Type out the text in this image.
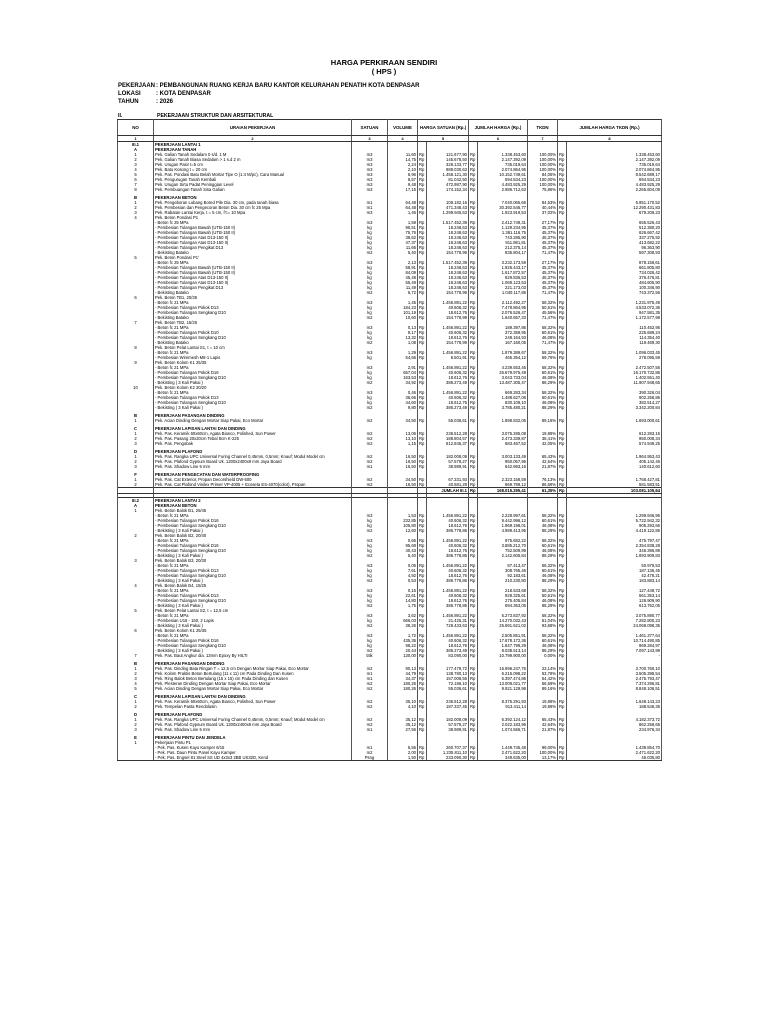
HARGA PERKIRAAN SENDIRI
( HPS )
PEKERJAAN: PEMBANGUNAN RUANG KERJA BARU KANTOR KELURAHAN PENATIH KOTA DENPASAR
LOKASI	: KOTA DENPASAR
TAHUN	: 2026
II.	PEKERJAAN STRUKTUR DAN ARSITEKTURAL
NO	URAIAN PEKERJAAN	SATUAN	VOLUME	HARGA SATUAN (Rp.)		JUMLAH HARGA (Rp.)		TKDN	JUMLAH HARGA TKDN (Rp.)	
1	2	3	4	5		6		7	8	
III.1	PEKERJAAN LANTAI 1									
A	PEKERJAAN TANAH									
1	Pek. Galian Tanah Sedalam 0 s/d. 1 M	m3	11,60	Rp	121.677,90	Rp	1.338.453,60	100,00%	Rp	1.338.453,60
2	Pek. Galian Tanah Biasa Sedalam > 1 s.d 2 m	m3	14,75	Rp	145.678,50	Rp	2.147.392,09	100,00%	Rp	2.147.392,09
3	Pek. Urugan Pasir t=5 cm	m3	2,24	Rp	328.133,77	Rp	735.019,64	100,00%	Rp	735.019,64
4	Pek. Batu Kosong t = 20 cm	m3	2,10	Rp	988.030,63	Rp	2.074.864,95	100,00%	Rp	2.074.864,95
5	Pek. Pas. Pondasi Batu Belah Mortar Tipe O (1:4 M/pc), Cara Manual	m3	6,96	Rp	1.458.121,30	Rp	10.152.749,61	84,05%	Rp	8.542.689,17
6	Pek. Pengurugan Tanah Kembali	m3	8,57	Rp	81.042,50	Rp	694.534,23	100,00%	Rp	694.534,23
7	Pek. Urugan Sirtu Padat Peninggian Level	m3	9,48	Rp	472.987,90	Rp	4.483.925,29	100,00%	Rp	4.483.925,29
8	Pek. Pembuangan Tanah Sisa Galian	m3	17,15	Rp	174.152,34	Rp	2.986.712,63	75,86%	Rp	2.265.604,09

B	PEKERJAAN BETON									
1	Pek. Pengeboran Lubang Bored Pile Dia. 30 cm, pada tanah biasa	m1	64,48	Rp	109.182,16	Rp	7.040.065,66	84,53%	Rp	5.951.170,52
2	Pek. Pembesian dan Pengecoran Beton Dia. 30 cm fc 25 Mpa	m1	64,48	Rp	471.348,43	Rp	30.392.546,77	40,44%	Rp	12.290.431,83
3	Pek. Rabatan Lantai Kerja, t = 5 cm, f'c= 10 Mpa	m3	1,46	Rp	1.299.945,63	Rp	1.923.919,53	37,02%	Rp	679.209,23
4	Pek. Beton Pondasi P1									
	- Beton fc 25 MPa	m3	1,59	Rp	1.517.452,39	Rp	2.412.749,31	27,17%	Rp	655.526,43
	- Pembesian Tulangan Bawah (UTB-150 II)	kg	95,51	Rp	18.248,63	Rp	1.129.234,95	45,37%	Rp	512.380,20
	- Pembesian Tulangan Bawah (UTB-150 II)	kg	75,76	Rp	18.248,63	Rp	1.381.116,75	45,37%	Rp	626.667,42
	- Pembesian Tulangan Atas D13-150 II)	kg	38,62	Rp	18.248,63	Rp	743.285,90	45,37%	Rp	337.275,92
	- Pembesian Tulangan Atas D13-150 II)	kg	47,37	Rp	18.248,63	Rp	911.861,81	45,37%	Rp	413.682,22
	- Pembesian Tulangan Pengikat D13	kg	11,66	Rp	18.248,63	Rp	212.375,14	45,37%	Rp	96.363,90
	- Bekisting Batako	m2	5,40	Rp	154.778,99	Rp	835.804,17	71,47%	Rp	597.308,93
5	Pek. Beton Pondasi P1'									
	- Beton fc 25 MPa	m3	2,13	Rp	1.517.452,39	Rp	3.232.173,59	27,17%	Rp	878.156,61
	- Pembesian Tulangan Bawah (UTB-150 II)	kg	58,91	Rp	18.248,63	Rp	1.926.443,17	45,37%	Rp	661.805,80
	- Pembesian Tulangan Bawah (UTB-150 II)	kg	84,09	Rp	18.248,63	Rp	1.617.872,57	45,37%	Rp	734.026,42
	- Pembesian Tulangan Atas D13-150 II)	kg	45,48	Rp	18.248,63	Rp	829.836,53	45,37%	Rp	376.476,81
	- Pembesian Tulangan Atas D13-150 II)	kg	55,49	Rp	18.248,63	Rp	1.068.123,53	45,37%	Rp	484.605,90
	- Pembesian Tulangan Pengikat D13	kg	11,49	Rp	18.248,63	Rp	221.173,03	45,37%	Rp	100.346,90
	- Bekisting Batako	m2	6,72	Rp	154.778,99	Rp	1.040.117,86	71,47%	Rp	743.372,56
6	Pek. Beton TB1, 20/35									
	- Beton fc 21 MPa	m3	1,45	Rp	1.456.891,22	Rp	2.112.492,27	58,32%	Rp	1.231.975,49
	- Pembesian Tulangan Pokok D13	kg	184,23	Rp	40.606,32	Rp	7.478.864,95	60,61%	Rp	4.533.072,36
	- Pembesian Tulangan Sengkang D10	kg	101,19	Rp	18.612,76	Rp	2.076.526,47	45,56%	Rp	947.581,35
	- Bekisting Batako	m2	10,60	Rp	154.778,99	Rp	1.640.657,33	71,47%	Rp	1.172.577,98
7	Pek. Beton TB2, 15/25									
	- Beton fc 21 MPa	m3	0,13	Rp	1.456.891,22	Rp	189.397,86	58,32%	Rp	110.452,95
	- Pembesian Tulangan Pokok D10	kg	9,17	Rp	40.606,32	Rp	372.359,95	60,61%	Rp	225.689,24
	- Pembesian Tulangan Sengkang D10	kg	13,32	Rp	18.612,76	Rp	248.164,93	46,08%	Rp	114.354,40
	- Bekisting Batako	m2	1,08	Rp	154.778,99	Rp	167.160,05	71,47%	Rp	119.469,30
8	Pek. Beton Pelat Lantai S1, t = 10 cm									
	- Beton fc 21 MPa	m3	1,29	Rp	1.456.891,22	Rp	1.879.389,67	58,32%	Rp	1.096.033,45
	- Pembesian Wiremesh M8-1 Lapis	kg	54,66	Rp	8.501,91	Rp	465.354,12	59,76%	Rp	278.095,59
9	Pek. Beton Kolom K1 25/35									
	- Beton fc 21 MPa	m3	2,91	Rp	1.456.891,22	Rp	4.239.553,45	58,32%	Rp	2.472.507,56
	- Pembesian Tulangan Pokok D16	kg	657,04	Rp	40.606,32	Rp	26.679.975,49	60,61%	Rp	16.170.732,86
	- Pembesian Tulangan Sengkang D10	kg	163,53	Rp	18.612,76	Rp	3.043.733,04	46,08%	Rp	1.402.551,40
	- Bekisting ( 3 Kali Pakai )	m2	34,92	Rp	386.273,49	Rp	13.487.305,47	88,29%	Rp	11.907.948,65
10	Pek. Beton Kolom K2 20/20									
	- Beton fc 21 MPa	m3	0,46	Rp	1.456.891,22	Rp	669.283,34	58,32%	Rp	390.326,04
	- Pembesian Tulangan Pokok D13	kg	36,66	Rp	40.606,32	Rp	1.488.627,06	60,61%	Rp	902.258,86
	- Pembesian Tulangan Sengkang D10	kg	44,60	Rp	18.612,76	Rp	830.109,10	46,08%	Rp	382.514,27
	- Bekisting ( 3 Kali Pakai )	m2	9,80	Rp	386.273,49	Rp	3.785.480,21	88,29%	Rp	3.342.200,84

B	PEKERJAAN PASANGAN DINDING									
1	Pek. Acian Dinding Dengan Mortar Siap Pakai, Eco Mortar	m2	34,50	Rp	55.036,61	Rp	1.898.832,05	89,16%	Rp	1.693.000,61

C	PEKERJAAN LAPISAN LANTAI DAN DINDING									
1	Pek. Pas. Keramik 60x60cm, Agata Bianco, Polished, Sun Power	m2	13,06	Rp	236.512,28	Rp	3.075.285,08	19,88%	Rp	612.283,15
2	Pek. Pas. Pasang 20x20cm Tebal 8cm K-225	m2	13,10	Rp	188.804,57	Rp	2.473.339,87	38,41%	Rp	950.008,34
3	Pek. Pas. Pengobak	m2	1,15	Rp	612.845,37	Rp	683.467,52	42,05%	Rp	574.949,25

D	PEKERJAAN PLAFOND									
1	Pek. Pas. Rangka UPC Universal Furing Channel 0,45mm, 0,5mm; Knauf; Modul Model cm	m2	16,50	Rp	182.008,09	Rp	3.003.133,49	65,43%	Rp	1.964.953,43
2	Pek. Pas. Plafond Gypsum Board Uk. 1200x2400x9 mm Jaya Board	m2	16,50	Rp	57.579,27	Rp	950.057,96	42,64%	Rp	405.142,46
3	Pek. Pas. Shadow Line 5 mm	m1	16,50	Rp	38.989,91	Rp	642.993,16	21,87%	Rp	140.612,60

F	PEKERJAAN PENGECATAN DAN WATERPROOFING									
1	Pek. Pas. Cat Exterior, Propan Decorshield DW-500	m2	34,50	Rp	67.331,93	Rp	2.323.158,59	76,13%	Rp	1.768.427,81
2	Pek. Pas. Cat Plafond Vinilex Primer VP-4005 + Ecoseta ES-4070(color), Propan	m2	16,50	Rp	40.581,28	Rp	669.789,12	86,68%	Rp	581.583,51
					JUMLAH III.1	Rp	168.015.295,41	61,35%	Rp	103.081.105,64

III.2	PEKERJAAN LANTAI 2									
A	PEKERJAAN BETON									
1	Pek. Beton Balok B1, 25/45									
	- Beton fc 21 MPa	m3	1,53	Rp	1.456.891,22	Rp	2.228.997,61	58,32%	Rp	1.299.946,95
	- Pembesian Tulangan Pokok D16	kg	232,85	Rp	40.606,32	Rp	9.442.996,12	60,61%	Rp	5.722.942,32
	- Pembesian Tulangan Sengkang D10	kg	105,80	Rp	18.612,76	Rp	1.969.198,01	46,08%	Rp	905.293,66
	- Bekisting ( 3 Kali Pakai )	m2	12,60	Rp	386.778,86	Rp	4.989.413,95	88,29%	Rp	4.419.122,86
2	Pek. Beton Balok B2, 20/40									
	- Beton fc 21 MPa	m3	0,66	Rp	1.456.891,22	Rp	975.682,22	58,32%	Rp	475.797,47
	- Pembesian Tulangan Pokok D16	kg	95,68	Rp	40.606,32	Rp	3.885.212,70	60,61%	Rp	2.354.838,28
	- Pembesian Tulangan Sengkang D10	kg	40,43	Rp	18.612,76	Rp	752.509,99	46,08%	Rp	346.396,89
	- Bekisting ( 3 Kali Pakai )	m2	5,40	Rp	386.778,86	Rp	2.142.605,84	88,29%	Rp	1.893.909,83
3	Pek. Beton Balok B3, 20/30									
	- Beton fc 21 MPa	m3	0,06	Rp	1.456.891,22	Rp	87.413,47	58,32%	Rp	50.979,53
	- Pembesian Tulangan Pokok D13	kg	7,61	Rp	40.606,32	Rp	308.765,46	60,61%	Rp	187.136,45
	- Pembesian Tulangan Sengkang D10	kg	4,92	Rp	18.612,76	Rp	92.183,61	46,08%	Rp	42.478,21
	- Bekisting ( 3 Kali Pakai )	m2	0,53	Rp	386.778,86	Rp	210.230,80	88,29%	Rp	183.883,14
4	Pek. Beton Balok B4, 15/25									
	- Beton fc 21 MPa	m3	0,15	Rp	1.456.891,22	Rp	218.533,68	58,32%	Rp	127.449,72
	- Pembesian Tulangan Pokok D13	kg	22,61	Rp	40.606,32	Rp	928.325,61	60,61%	Rp	561.353,14
	- Pembesian Tulangan Sengkang D10	kg	14,80	Rp	18.612,76	Rp	275.405,84	46,08%	Rp	126.909,90
	- Bekisting ( 3 Kali Pakai )	m2	1,75	Rp	386.778,86	Rp	694.363,05	88,29%	Rp	613.762,05
5	Pek. Beton Pelat Lantai S2, t = 12,5 cm									
	- Beton fc 21 MPa	m3	3,62	Rp	1.456.891,22	Rp	5.273.837,92	58,32%	Rp	3.075.890,77
	- Pembesian U16 - 150, 2 Lapis	kg	666,03	Rp	21.425,31	Rp	14.270.032,43	51,04%	Rp	7.282.800,23
	- Bekisting ( 3 Kali Pakai )	m2	38,26	Rp	728.433,63	Rp	25.691.621,02	93,68%	Rp	24.068.098,35
6	Pek. Beton Kolom K1 25/35									
	- Beton fc 21 MPa	m3	1,72	Rp	1.456.891,22	Rp	2.505.851,91	58,32%	Rp	1.461.377,64
	- Pembesian Tulangan Pokok D16	kg	435,36	Rp	40.606,32	Rp	17.678.172,36	60,61%	Rp	10.714.490,85
	- Pembesian Tulangan Sengkang D10	kg	98,22	Rp	18.612,76	Rp	1.847.799,29	46,08%	Rp	869.284,97
	- Bekisting ( 3 Kali Pakai )	m2	20,44	Rp	386.273,49	Rp	8.038.513,14	88,29%	Rp	7.097.143,99
7	Pek. Pas. Baut Angkur dia. 13mm Epoxy By HILTI	titik	130,00	Rp	83.090,00	Rp	10.799.900,00	0,00%	Rp	-

B	PEKERJAAN PASANGAN DINDING									
1	Pek. Pas. Dinding Bata Ringan T = 12,5 cm Dengan Mortar Siap Pakai, Eco Mortar	m2	90,13	Rp	177.479,72	Rp	15.996.247,76	23,14%	Rp	3.700.760,10
2	Pek. Kolom Praktis Beton Bertulang (11 x 11) cm Pada Dinding Dan Kusen	m1	44,79	Rp	138.780,13	Rp	6.215.098,22	53,78%	Rp	3.505.398,54
3	Pek. Ring Balok Beton Bertulang (15 x 15) cm Pada Dinding dan Kusen	m1	34,37	Rp	157.008,55	Rp	5.397.474,86	54,42%	Rp	2.475.793,47
4	Pek. Plesteran Dinding Dengan Mortar Siap Pakai, Eco Mortar	m2	180,26	Rp	72.186,10	Rp	13.009.021,77	56,69%	Rp	7.374.296,81
5	Pek. Acian Dinding Dengan Mortar Siap Pakai, Eco Mortar	m2	180,26	Rp	55.036,61	Rp	9.921.129,96	89,16%	Rp	8.848.106,51

C	PEKERJAAN LAPISAN LANTAI DAN DINDING									
1	Pek. Pas. Keramik 60x60cm, Agata Bianco, Polished, Sun Power	m2	35,10	Rp	236.512,28	Rp	8.375.291,93	19,88%	Rp	1.648.143,23
2	Pek. Tempelan Pasta Rendolasin	m2	4,10	Rp	187.337,45	Rp	913.411,14	19,88%	Rp	188.546,35

D	PEKERJAAN PLAFOND									
1	Pek. Pas. Rangka UPC Universal Furing Channel 0,45mm, 0,5mm; Knauf; Modul Model cm	m2	35,12	Rp	182.008,09	Rp	6.392.124,12	65,43%	Rp	4.182.373,72
2	Pek. Pas. Plafond Gypsum Board Uk. 1200x2400x9 mm Jaya Board	m2	35,12	Rp	57.579,27	Rp	2.022.183,96	42,64%	Rp	862.258,65
3	Pek. Pas. Shadow Line 5 mm	m1	27,56	Rp	38.989,91	Rp	1.074.566,71	21,87%	Rp	234.976,34

E	PEKERJAAN PINTU DAN JENDELA									
1	Pekerjaan Pintu P1									
	- Pek. Pas. Kusen Kayu Kamper 6/15	m1	5,56	Rp	260.707,37	Rp	1.449.745,48	99,00%	Rp	1.439.854,70
	- Pek. Pas. Daun Pintu Panel Kayu Kamper	m2	2,00	Rp	1.235.811,10	Rp	2.471.622,20	100,00%	Rp	2.471.622,20
	- Pek. Pas. Engsel 81 Steel SS UD 4x3x3 2BB US32D, Kend	Psng	1,50	Rp	233.090,30	Rp	349.635,00	13,17%	Rp	46.035,80
